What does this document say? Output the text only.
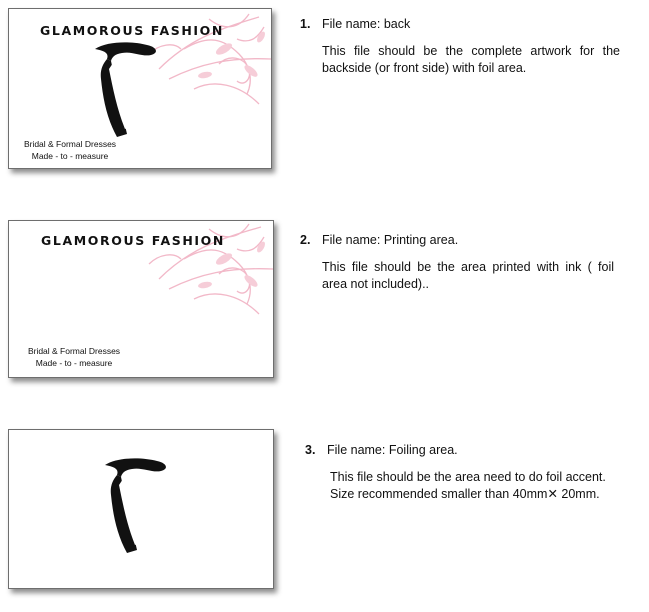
GLAMOROUS FASHION
Bridal & Formal Dresses
Made - to - measure
1. File name: back
This file should be the complete artwork for the backside (or front side) with foil area.
GLAMOROUS FASHION
Bridal & Formal Dresses
Made - to - measure
2. File name: Printing area.
This file should be the area printed with ink ( foil area not included)..
3. File name: Foiling area.
This file should be the area need to do foil accent.
Size recommended smaller than 40mm✕ 20mm.
